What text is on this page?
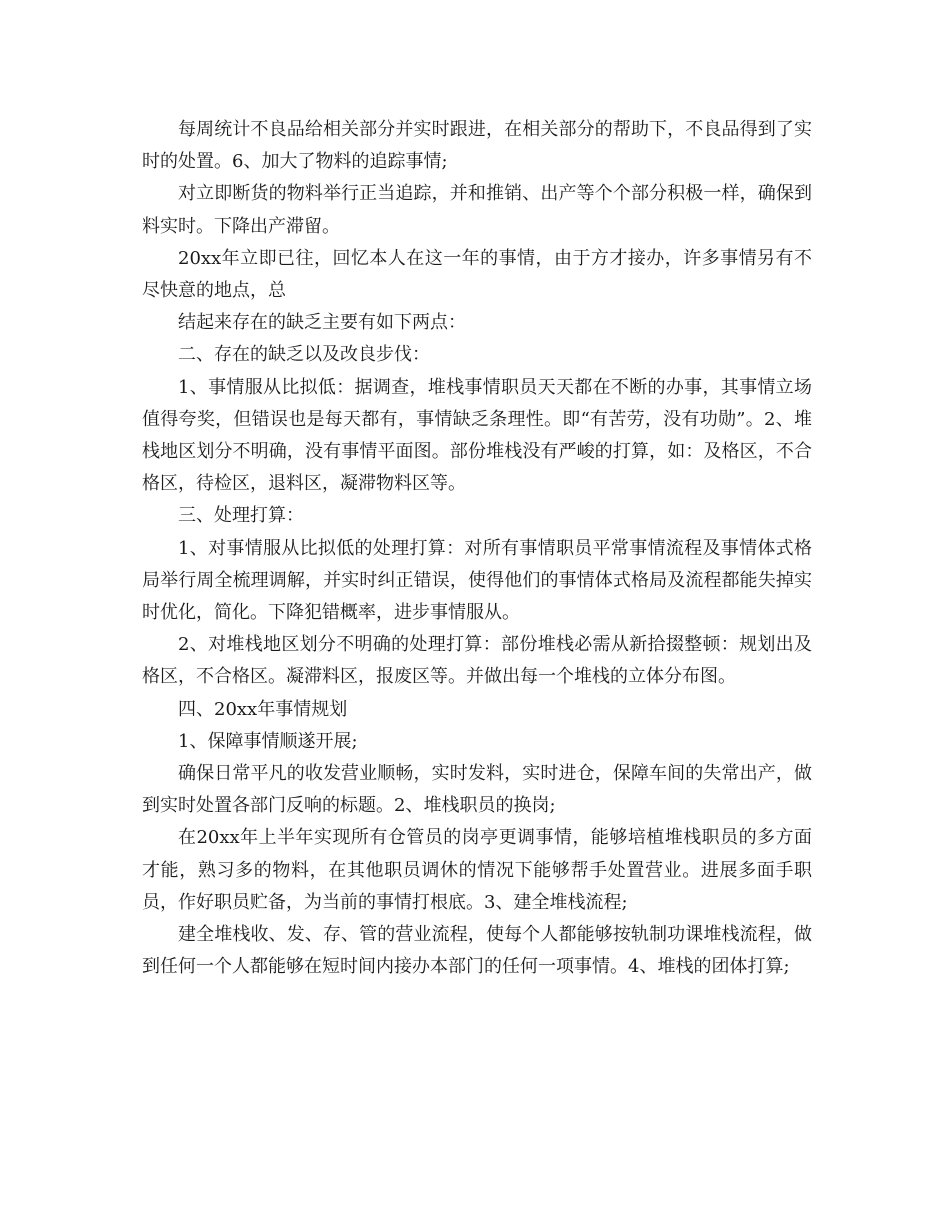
每周统计不良品给相关部分并实时跟进，在相关部分的帮助下，不良品得到了实时的处置。6、加大了物料的追踪事情;

对立即断货的物料举行正当追踪，并和推销、出产等个个部分积极一样，确保到料实时。下降出产滞留。

20xx年立即已往，回忆本人在这一年的事情，由于方才接办，许多事情另有不尽快意的地点，总

结起来存在的缺乏主要有如下两点：

二、存在的缺乏以及改良步伐：

1、事情服从比拟低：据调查，堆栈事情职员天天都在不断的办事，其事情立场值得夸奖，但错误也是每天都有，事情缺乏条理性。即“有苦劳，没有功勋”。2、堆栈地区划分不明确，没有事情平面图。部份堆栈没有严峻的打算，如：及格区，不合格区，待检区，退料区，凝滞物料区等。

三、处理打算：

1、对事情服从比拟低的处理打算：对所有事情职员平常事情流程及事情体式格局举行周全梳理调解，并实时纠正错误，使得他们的事情体式格局及流程都能失掉实时优化，简化。下降犯错概率，进步事情服从。

2、对堆栈地区划分不明确的处理打算：部份堆栈必需从新拾掇整顿：规划出及格区，不合格区。凝滞料区，报废区等。并做出每一个堆栈的立体分布图。

四、20xx年事情规划

1、保障事情顺遂开展;

确保日常平凡的收发营业顺畅，实时发料，实时进仓，保障车间的失常出产，做到实时处置各部门反响的标题。2、堆栈职员的换岗;

在20xx年上半年实现所有仓管员的岗亭更调事情，能够培植堆栈职员的多方面才能，熟习多的物料，在其他职员调休的情况下能够帮手处置营业。进展多面手职员，作好职员贮备，为当前的事情打根底。3、建全堆栈流程;

建全堆栈收、发、存、管的营业流程，使每个人都能够按轨制功课堆栈流程，做到任何一个人都能够在短时间内接办本部门的任何一项事情。4、堆栈的团体打算;
